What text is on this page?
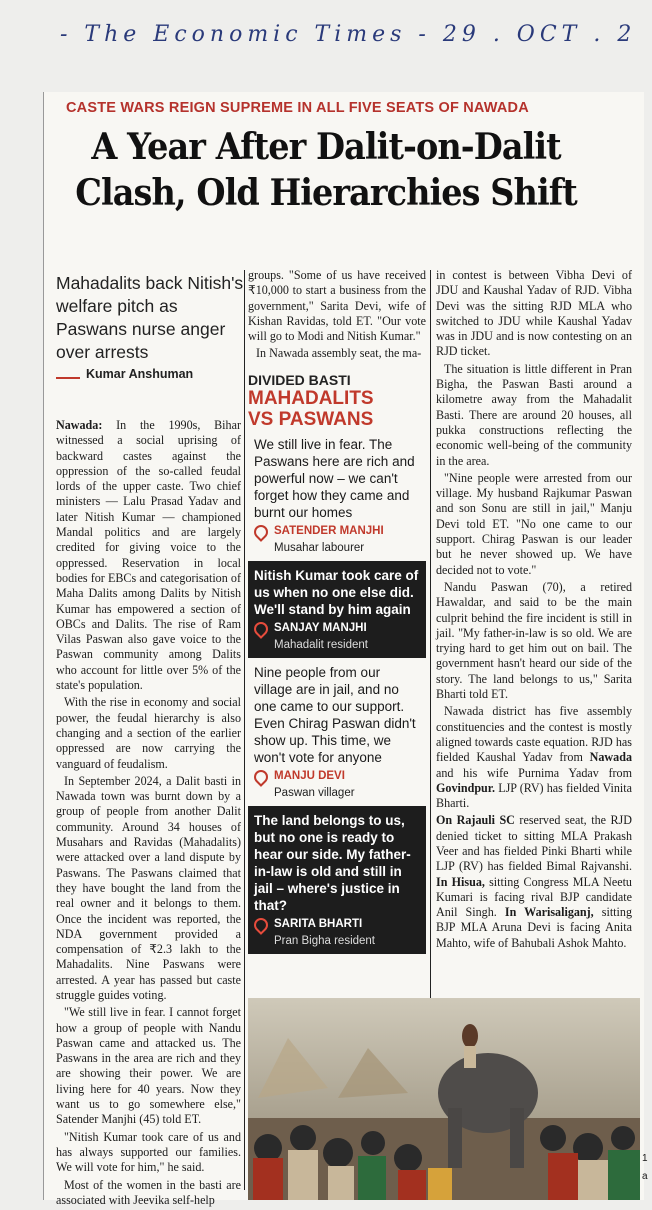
- The Economic Times - 29 . OCT . 2
CASTE WARS REIGN SUPREME IN ALL FIVE SEATS OF NAWADA
A Year After Dalit-on-Dalit
Clash, Old Hierarchies Shift
Mahadalits back Nitish's welfare pitch as Paswans nurse anger over arrests
Kumar Anshuman

Nawada: In the 1990s, Bihar witnessed a social uprising of backward castes against the oppression of the so-called feudal lords of the upper caste. Two chief ministers — Lalu Prasad Yadav and later Nitish Kumar — championed Mandal politics and are largely credited for giving voice to the oppressed. Reservation in local bodies for EBCs and categorisation of Maha Dalits among Dalits by Nitish Kumar has empowered a section of OBCs and Dalits. The rise of Ram Vilas Paswan also gave voice to the Paswan community among Dalits who account for little over 5% of the state's population.

With the rise in economy and social power, the feudal hierarchy is also changing and a section of the earlier oppressed are now carrying the vanguard of feudalism.

In September 2024, a Dalit basti in Nawada town was burnt down by a group of people from another Dalit community. Around 34 houses of Musahars and Ravidas (Mahadalits) were attacked over a land dispute by Paswans. The Paswans claimed that they have bought the land from the real owner and it belongs to them. Once the incident was reported, the NDA government provided a compensation of ₹2.3 lakh to the Mahadalits. Nine Paswans were arrested. A year has passed but caste struggle guides voting.

"We still live in fear. I cannot forget how a group of people with Nandu Paswan came and attacked us. The Paswans in the area are rich and they are showing their power. We are living here for 40 years. Now they want us to go somewhere else," Satender Manjhi (45) told ET.

"Nitish Kumar took care of us and has always supported our families. We will vote for him," he said.

Most of the women in the basti are associated with Jeevika self-help

groups. "Some of us have received ₹10,000 to start a business from the government," Sarita Devi, wife of Kishan Ravidas, told ET. "Our vote will go to Modi and Nitish Kumar."

In Nawada assembly seat, the ma-

DIVIDED BASTI
MAHADALITS
VS PASWANS
We still live in fear. The Paswans here are rich and powerful now – we can't forget how they came and burnt our homes
SATENDER MANJHI
Musahar labourer
Nitish Kumar took care of us when no one else did. We'll stand by him again
SANJAY MANJHI
Mahadalit resident
Nine people from our village are in jail, and no one came to our support. Even Chirag Paswan didn't show up. This time, we won't vote for anyone
MANJU DEVI
Paswan villager
The land belongs to us, but no one is ready to hear our side. My father-in-law is old and still in jail – where's justice in that?
SARITA BHARTI
Pran Bigha resident

in contest is between Vibha Devi of JDU and Kaushal Yadav of RJD. Vibha Devi was the sitting RJD MLA who switched to JDU while Kaushal Yadav was in JDU and is now contesting on an RJD ticket.

The situation is little different in Pran Bigha, the Paswan Basti around a kilometre away from the Mahadalit Basti. There are around 20 houses, all pukka constructions reflecting the economic well-being of the community in the area.

"Nine people were arrested from our village. My husband Rajkumar Paswan and son Sonu are still in jail," Manju Devi told ET. "No one came to our support. Chirag Paswan is our leader but he never showed up. We have decided not to vote."

Nandu Paswan (70), a retired Hawaldar, and said to be the main culprit behind the fire incident is still in jail. "My father-in-law is so old. We are trying hard to get him out on bail. The government hasn't heard our side of the story. The land belongs to us," Sarita Bharti told ET.

Nawada district has five assembly constituencies and the contest is mostly aligned towards caste equation. RJD has fielded Kaushal Yadav from Nawada and his wife Purnima Yadav from Govindpur. LJP (RV) has fielded Vinita Bharti.

On Rajauli SC reserved seat, the RJD denied ticket to sitting MLA Prakash Veer and has fielded Pinki Bharti while LJP (RV) has fielded Bimal Rajvanshi. In Hisua, sitting Congress MLA Neetu Kumari is facing rival BJP candidate Anil Singh. In Warisaliganj, sitting BJP MLA Aruna Devi is facing Anita Mahto, wife of Bahubali Ashok Mahto.

1
a
